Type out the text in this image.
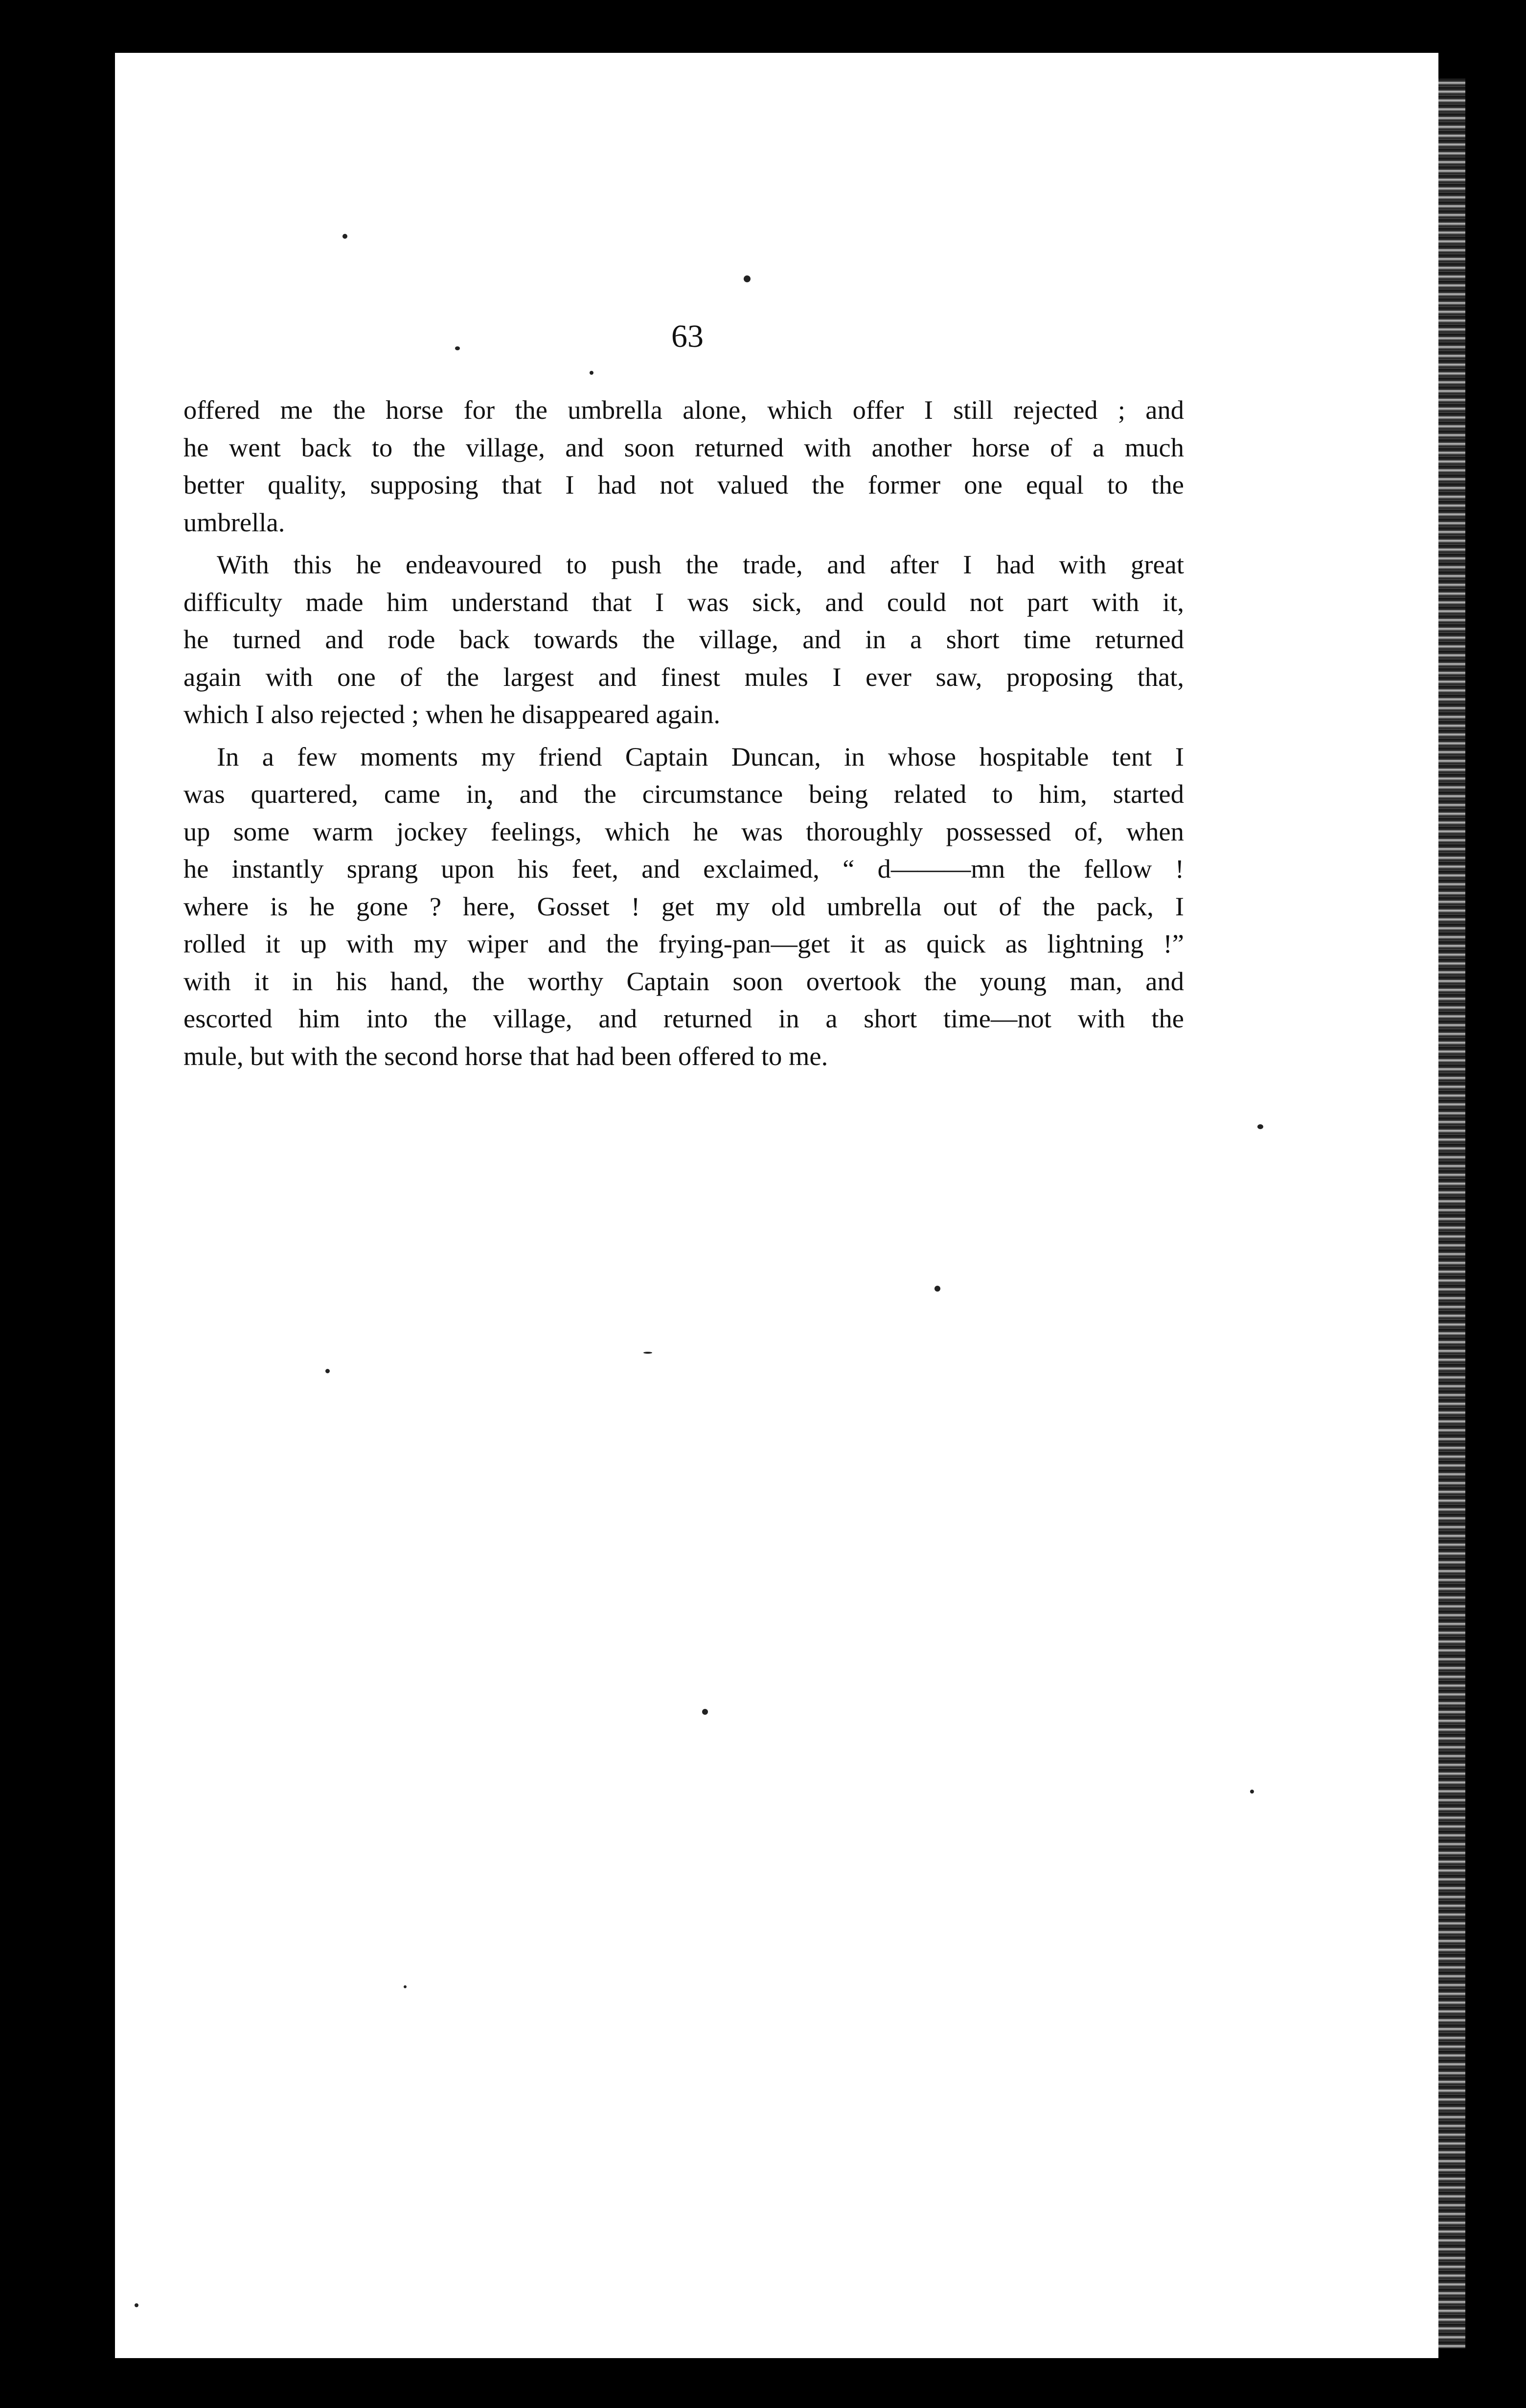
63
offered me the horse for the umbrella alone, which offer I still rejected ; and
he went back to the village, and soon returned with another horse of a much
better quality, supposing that I had not valued the former one equal to the
umbrella.
With this he endeavoured to push the trade, and after I had with great
difficulty made him understand that I was sick, and could not part with it,
he turned and rode back towards the village, and in a short time returned
again with one of the largest and finest mules I ever saw, proposing that,
which I also rejected ; when he disappeared again.
In a few moments my friend Captain Duncan, in whose hospitable tent I
was quartered, came in, and the circumstance being related to him, started
up some warm jockey feelings, which he was thoroughly possessed of, when
he instantly sprang upon his feet, and exclaimed, “ d———mn the fellow !
where is he gone ? here, Gosset ! get my old umbrella out of the pack, I
rolled it up with my wiper and the frying-pan—get it as quick as lightning !”
with it in his hand, the worthy Captain soon overtook the young man, and
escorted him into the village, and returned in a short time—not with the
mule, but with the second horse that had been offered to me.
